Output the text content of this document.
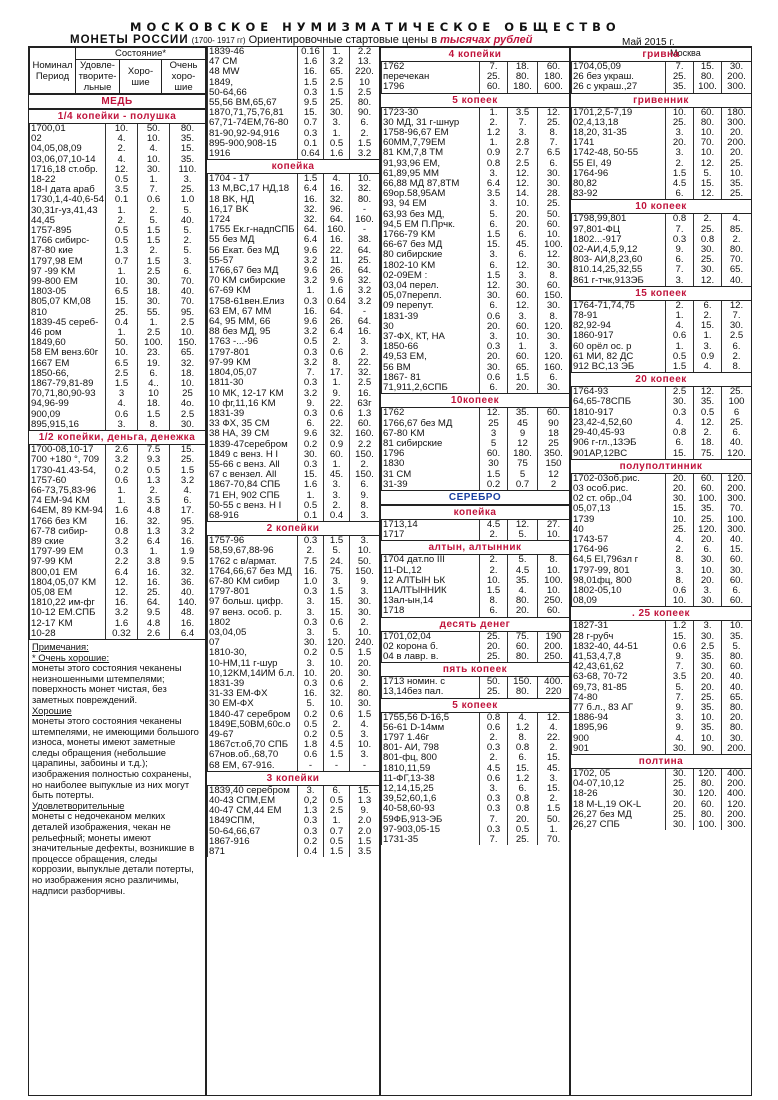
МОСКОВСКОЕ НУМИЗМАТИЧЕСКОЕ ОБЩЕСТВО
МОНЕТЫ РОССИИ (1700- 1917 гг) Ориентировочные стартовые цены в тысячах рублей	Май 2015 г.
Москва
Номинал
Период	Состояние*		
	Удовле-творите-льные	Хоро-шие	Очень хоро-шие
МЕДЬ
1/4 копейки - полушка
1700,01	10.	50.	80.
02	4.	10.	35.
04,05,08,09	2.	4.	15.
03,06,07,10-14	4.	10.	35.
1716,18 ст.обр.	12.	30.	110.
18-22	0.5	1.	3.
18-I дата араб	3.5	7.	25.
1730,1,4-40,6-54	0.1	0.6	1.0
30,31г-уз,41,43	1.	2.	5.
44,45	2.	5.	40.
1757-895	0.5	1.5	5.
1766 сибирс-	0.5	1.5	2.
87-80 кие	1.3	2.	5.
1797,98 EM	0.7	1.5	3.
97 -99 KM	1.	2.5	6.
99-800 EM	10.	30.	70.
1803-05	6.5	18.	40.
805,07 KM,08	15.	30.	70.
810	25.	55.	95.
1839-45 cереб-	0.4	1.	2.5
46 ром	1.	2.5	10.
1849,60	50.	100.	150.
58 EM венз.60г	10.	23.	65.
1667 EM	6.5	19.	32.
1850-66,	2.5	6.	18.
1867-79,81-89	1.5	4..	10.
70,71,80,90-93	3	10	25
94,96-99	4.	18.	4о.
900,09	0.6	1.5	2.5
895,915,16	3.	8.	30.
1/2 копейки, деньга, денежка
1700-08,10-17	2.6	7.5	15.
700 +180 °, 709	3.2	9.3	25.
1730-41.43-54,	0.2	0.5	1.5
1757-60	0.6	1.3	3.2
66-73,75,83-96	1.	2.	4.
74 EM-94 KM	1.	3.5	6.
64EM, 89 KM-94	1.6	4.8	17.
1766 без KM	16.	32.	95.
67-78 сибир-	0.8	1.3	3.2
89 ские	3.2	6.4	16.
1797-99 EM	0.3	1.	1.9
97-99 KM	2.2	3.8	9.5
800,01 EM	6.4	16.	32.
1804,05,07 KM	12.	16.	36.
05,08 EM	12.	25.	40.
1810,22 им-фг	16.	64.	140.
10-12 EM.СПБ	3.2	9.5	48.
12-17 KM	1.6	4.8	16.
10-28	0.32	2.6	6.4
Примечания:
* Очень хорошие:
монеты этого состояния чеканены неизношенными штемпелями; поверхность монет чистая, без заметных повреждений.
Хорошие
монеты этого состояния чеканены штемпелями, не имеющими большого износа, монеты имеют заметные следы обращения (небольшие царапины, забоины и т.д.); изображения полностью сохранены, но наиболее выпуклые из них могут быть потерты.
Удовлетворительные
монеты с недочеканом мелких деталей изображения, чекан не рельефный; монеты имеют значительные дефекты, возникшие в процессе обращения, следы коррозии, выпуклые детали потерты, но изображения ясно различимы, надписи разборчивы.
1839-46	0.16	1.	2.2
47 CM	1.6	3.2	13.
48 MW	16.	65.	220.
1849,	1.5	2.5	10
50-64,66	0.3	1.5	2.5
55,56 BM,65,67	9.5	25.	80.
1870,71,75,76,81	15.	30.	90.
67,71-74EM,76-80	0.7	3.	6.
81-90,92-94,916	0.3	1.	2.
895-900,908-15	0.1	0.5	1.5
1916	0.64	1.6	3.2
копейка
1704 - 17	1.5	4.	10.
13 M,BC,17 НД,18	6.4	16.	32.
18 BK, НД	16.	32.	80.
16,17 BK	32.	96.	-
1724	32.	64.	160.
1755 Ек.г-надпСПБ	64.	160.	-
55 без МД	6.4	16.	38.
56 Екат. без МД	9.6	22.	64.
55-57	3.2	11.	25.
1766,67 без МД	9.6	26.	64.
70 KM сибирские	3.2	9.6	32.
67-69 KM	1.	1.6	3.2
1758-61вен.Елиз	0.3	0.64	3.2
63 EM, 67 MM	16.	64.	-
64, 95 MM, 66	9.6	26.	64.
88 без МД, 95	3.2	6.4	16.
1763 -...-96	0.5	2.	3.
1797-801	0.3	0.6	2.
97-99 KM	3.2	8.	22.
1804,05,07	7.	17.	32.
1811-30	0.3	1.	2.5
10 MK, 12-17 KM	3.2	9.	16.
10 фг,11,16 KM	9.	22.	63г
1831-39	0.3	0.6	1.3
33 ФХ, 35 CM	6.	22.	60.
38 НА, 39 CM	9.6	32.	160.
1839-47серебром	0.2	0.9	2.2
1849 с венз. Н I	30.	60.	150.
55-66 с венз. All	0.3	1.	2.
67 с вензел. All	15.	45.	150.
1867-70,84 СПБ	1.6	3.	6.
71 EH, 902 СПБ	1.	3.	9.
50-55 с венз. Н I	0.5	2.	8.
68-916	0.1	0.4	3.
2 копейки
1757-96	0.3	1.5	3.
58,59,67,88-96	2.	5.	10.
1762 с в/армат.	7.5	24.	50.
1764,66,67 без МД	16.	75.	150.
67-80 KM сибир	1.0	3.	9.
1797-801	0.3	1.5	3.
97 больш. цифр.	3.	15.	30.
97 венз. особ. р.	3.	15.	30.
1802	0.3	0.6	2.
03,04,05	3.	5.	10.
07	30.	120.	240.
1810-30,	0.2	0.5	1.5
10-HM,11 г-шур	3.	10.	20.
10,12KM,14ИМ б.л.	10.	20.	30.
1831-39	0.3	0.6	2.
31-33 EM-ФХ	16.	32.	80.
30 EM-ФХ	5.	10.	30.
1840-47 серебром	0.2	0.6	1.5
1849Е,50ВМ,60с.о	0.5	2.	4.
49-67	0.2	0.5	3.
1867ст.об,70 СПБ	1.8	4.5	10.
67нов.об.,68,70	0.6	1.5	3.
68 EM, 67-916.	-	-	-
3 копейки
1839,40 серебром	3.	6.	15.
40-43 CПM,EM	0,2	0.5	1.3
40-47 CM,44 EM	1.3	2.5	9.
1849СПМ,	0.3	1.	2.0
50-64,66,67	0.3	0.7	2.0
1867-916	0.2	0.5	1.5
871	0.4	1.5	3.5
4 копейки
1762	7.	18.	60.
перечекан	25.	80.	180.
1796	60.	180.	600.
5 копеек
1723-30	1.	3.5	12.
30 MД, 31 г-шнур	2.	7.	25.
1758-96,67 EM	1.2	3.	8.
60MM,7,79EM	1.	2.8	7.
81 KM,7,8 TM	0.9	2.7	6.5
91,93,96 EM,	0.8	2.5	6.
61,89,95 MM	3.	12.	30.
66,88 МД 87,8TM	6.4	12.	30.
69ор.58,95AM	3.5	14.	28.
93, 94 EM	3.	10.	25.
63,93 без МД,	5.	20.	50.
94,5 EM П.Пpчк.	6.	20.	60.
1766-79 KM	1.5	6.	10.
66-67 без МД	15.	45.	100.
80 сибирские	3.	6.	12.
1802-10 KM	6.	12.	30.
02-09EM :	1.5	3.	8.
03,04 перел.	12.	30.	60.
05,07перепл.	30.	60.	150.
09 перепут.	6.	12.	30.
1831-39	0.6	3.	8.
30	20.	60.	120.
37-ФХ, КТ, НА	3.	10.	30.
1850-66	0.3	1.	3.
49,53 EM,	20.	60.	120.
56 BM	30.	65.	160.
1867- 81	0.6	1.5	6.
71,911,2,6СПБ	6.	20.	30.
10копеек
1762	12.	35.	60.
1766,67 без МД	25	45	90
67-80 KM	3	9	18
81 сибирские	5	12	25
1796	60.	180.	350.
1830	30	75	150
31 CM	1.5	5	12
31-39	0.2	0.7	2
СЕРЕБРО
копейка
1713,14	4.5	12.	27.
1717	2.	5.	10.
алтын, алтынник
1704 дат.по III	2.	5.	8.
11-DL,12	2.	4.5	10.
12 АЛТЫН ЬК	10.	35.	100.
11АЛТЫННИК	1.5	4.	10.
13ал-ын,14	8.	80.	250.
1718	6.	20.	60.
десять денег
1701,02,04	25.	75.	190
02 корона б.	20.	60.	200.
04 в лавр. в.	25.	80.	250.
пять копеек
1713 номин. с	50.	150.	400.
13,14без пал.	25.	80.	220
5 копеек
1755,56 D-16,5	0.8	4.	12.
56-61 D-14мм	0.6	1.2	4.
1797 1.46г	2.	8.	22.
801- AИ, 798	0.3	0.8	2.
801-фц, 800	2.	6.	15.
1810,11,59	4.5	15.	45.
11-ФГ,13-38	0.6	1.2	3.
12,14,15,25	3.	6.	15.
39,52,60,1,6	0.3	0.8	2.
40-58,60-93	0.3	0.8	1.5
59ФБ,913-ЭБ	7.	20.	50.
97-903,05-15	0.3	0.5	1.
1731-35	7.	25.	70.
гривна
1704,05,09	7.	15.	30.
26 без украш.	25.	80.	200.
26 с украш.,27	35.	100.	300.
гривенник
1701,2,5-7,19	10.	60.	180.
02,4,13,18	25.	80.	300.
18,20, 31-35	3.	10.	20.
1741	20.	70.	200.
1742-48, 50-55	3.	10.	20.
55 ЕI, 49	2.	12.	25.
1764-96	1.5	5.	10.
80,82	4.5	15.	35.
83-92	6.	12.	25.
10 копеек
1798,99,801	0.8	2.	4.
97,801-ФЦ	7.	25.	85.
1802...-917	0.3	0.8	2.
02-AИ,4,5,9,12	9.	30.	80.
803- AИ,8,23,60	6.	25.	70.
810.14,25,32,55	7.	30.	65.
861 г-тчк,913ЭБ	3.	12.	40.
15 копеек
1764-71,74,75	2.	6.	12.
78-91	1.	2.	7.
82,92-94	4.	15.	30.
1860-917	0.6	1.	2.5
60 орёл ос. р	1.	3.	6.
61 MИ, 82 ДС	0.5	0.9	2.
912 BC,13 ЭБ	1.5	4.	8.
20 копеек
1764-93	2.5	12.	25.
64,65-78CПБ	30.	35.	100
1810-917	0.3	0.5	6
23,42-4,52,60	4.	12.	25.
29-40,45-93	0.8	2.	6.
906 г-гл.,13ЭБ	6.	18.	40.
901AP,12BC	15.	75.	120.
полуполтинник
1702-03об.рис.	20.	60.	120.
03 особ.рис.	20.	60.	200.
02 ст. обр.,04	30.	100.	300.
05,07,13	15.	35.	70.
1739	10.	25.	100.
40	25.	120.	300.
1743-57	4.	20.	40.
1764-96	2.	6.	15.
64,5 ЕI,796зл г	8.	30.	60.
1797-99, 801	3.	10.	30.
98,01фц, 800	8.	20.	60.
1802-05,10	0.6	3.	6.
08,09	10.	30.	60.
. 25 копеек
1827-31	1.2	3.	10.
28 г-рубч	15.	30.	35.
1832-40, 44-51	0.6	2.5	5.
41,53,4,7,8	9.	35.	80.
42,43,61,62	7.	30.	60.
63-68, 70-72	3.5	20.	40.
69,73, 81-85	5.	20.	40.
74-80	7.	25.	65.
77 б.л., 83 AГ	9.	35.	80.
1886-94	3.	10.	20.
1895,96	9.	35.	80.
900	4.	10.	30.
901	30.	90.	200.
полтина
1702, 05	30.	120.	400.
04-07,10,12	25.	80.	200.
18-26	30.	120.	400.
18 M-L,19 OK-L	20.	60.	120.
26,27 без МД	25.	80.	200.
26,27 СПБ	30.	100.	300.
